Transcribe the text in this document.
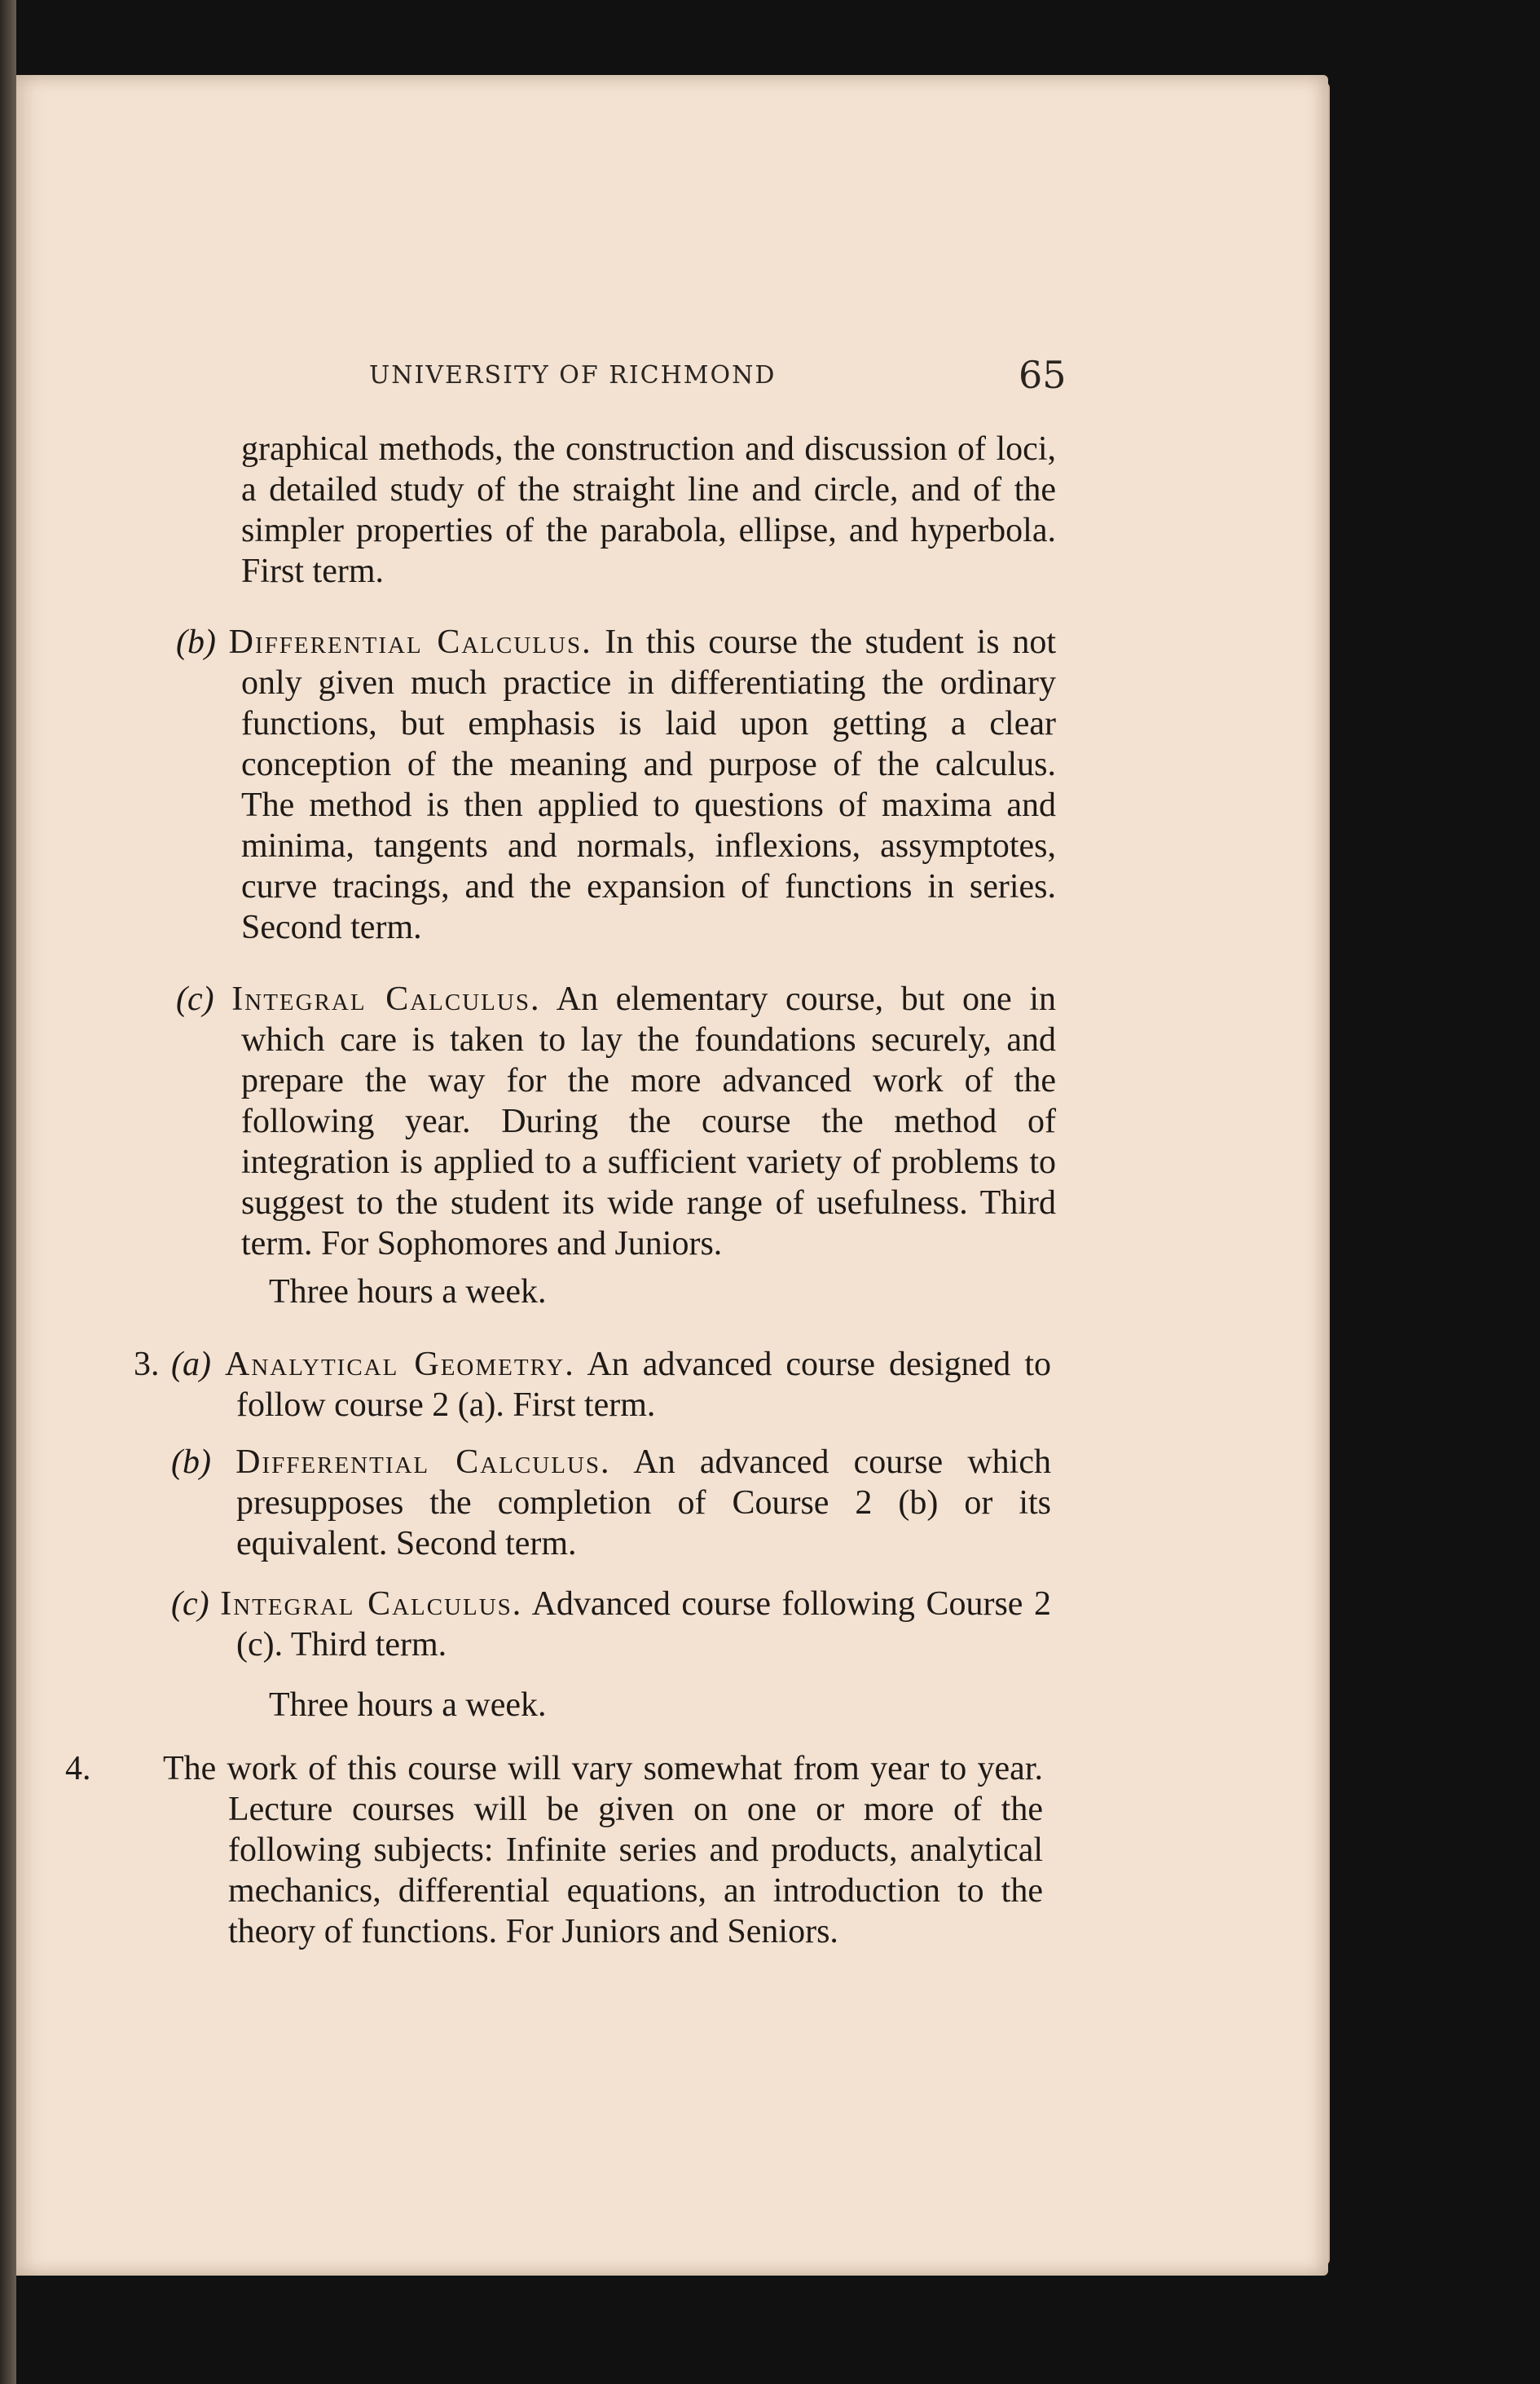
UNIVERSITY OF RICHMOND	65
graphical methods, the construction and discussion of loci, a detailed study of the straight line and circle, and of the simpler properties of the parabola, ellipse, and hyperbola. First term.
(b) Differential Calculus. In this course the student is not only given much practice in differentiating the ordinary functions, but emphasis is laid upon getting a clear conception of the meaning and purpose of the calculus. The method is then applied to questions of maxima and minima, tangents and normals, inflexions, assymptotes, curve tracings, and the expansion of functions in series. Second term.
(c) Integral Calculus. An elementary course, but one in which care is taken to lay the foundations securely, and prepare the way for the more advanced work of the following year. During the course the method of integration is applied to a sufficient variety of problems to suggest to the student its wide range of usefulness. Third term. For Sophomores and Juniors.
Three hours a week.
3. (a) Analytical Geometry. An advanced course designed to follow course 2 (a). First term.
(b) Differential Calculus. An advanced course which presupposes the completion of Course 2 (b) or its equivalent. Second term.
(c) Integral Calculus. Advanced course following Course 2 (c). Third term.
Three hours a week.
4. The work of this course will vary somewhat from year to year. Lecture courses will be given on one or more of the following subjects: Infinite series and products, analytical mechanics, differential equations, an introduction to the theory of functions. For Juniors and Seniors.
